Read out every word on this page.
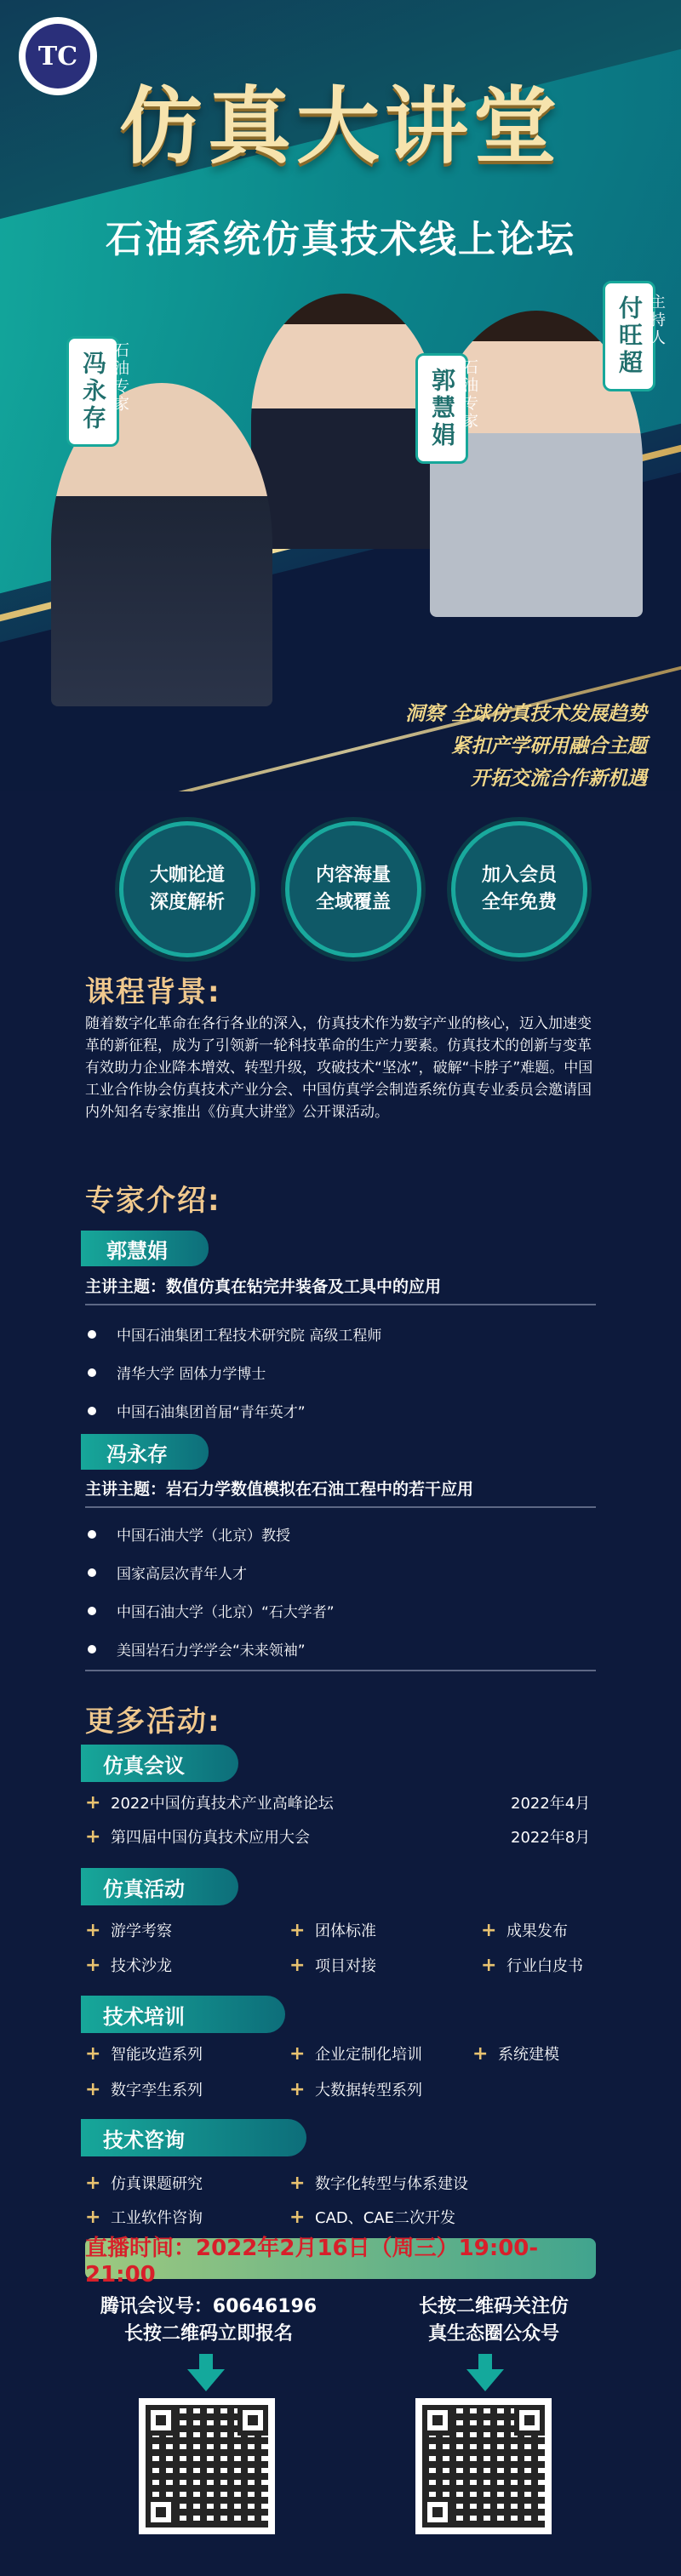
TC
仿真大讲堂
石油系统仿真技术线上论坛
冯永存 石油专家	郭慧娟 石油专家
付旺超 主持人
洞察 全球仿真技术发展趋势
紧扣产学研用融合主题
开拓交流合作新机遇
大咖论道
深度解析
内容海量
全域覆盖
加入会员
全年免费
课程背景:
随着数字化革命在各行各业的深入，仿真技术作为数字产业的核心，迈入加速变革的新征程，成为了引领新一轮科技革命的生产力要素。仿真技术的创新与变革有效助力企业降本增效、转型升级，攻破技术“坚冰”，破解“卡脖子”难题。中国工业合作协会仿真技术产业分会、中国仿真学会制造系统仿真专业委员会邀请国内外知名专家推出《仿真大讲堂》公开课活动。
专家介绍:
郭慧娟
主讲主题：数值仿真在钻完井装备及工具中的应用
中国石油集团工程技术研究院 高级工程师
清华大学 固体力学博士
中国石油集团首届“青年英才”
冯永存
主讲主题：岩石力学数值模拟在石油工程中的若干应用
中国石油大学（北京）教授
国家高层次青年人才
中国石油大学（北京）“石大学者”
美国岩石力学学会“未来领袖”
更多活动:
仿真会议
+ 2022中国仿真技术产业高峰论坛	2022年4月
+ 第四届中国仿真技术应用大会	2022年8月
仿真活动
+ 游学考察	+ 团体标准	+ 成果发布
+ 技术沙龙	+ 项目对接	+ 行业白皮书
技术培训
+ 智能改造系列	+ 企业定制化培训	+ 系统建模
+ 数字孪生系列	+ 大数据转型系列
技术咨询
+ 仿真课题研究	+ 数字化转型与体系建设
+ 工业软件咨询	+ CAD、CAE二次开发
直播时间：2022年2月16日（周三）19:00-21:00
腾讯会议号：60646196
长按二维码立即报名
长按二维码关注仿
真生态圈公众号
